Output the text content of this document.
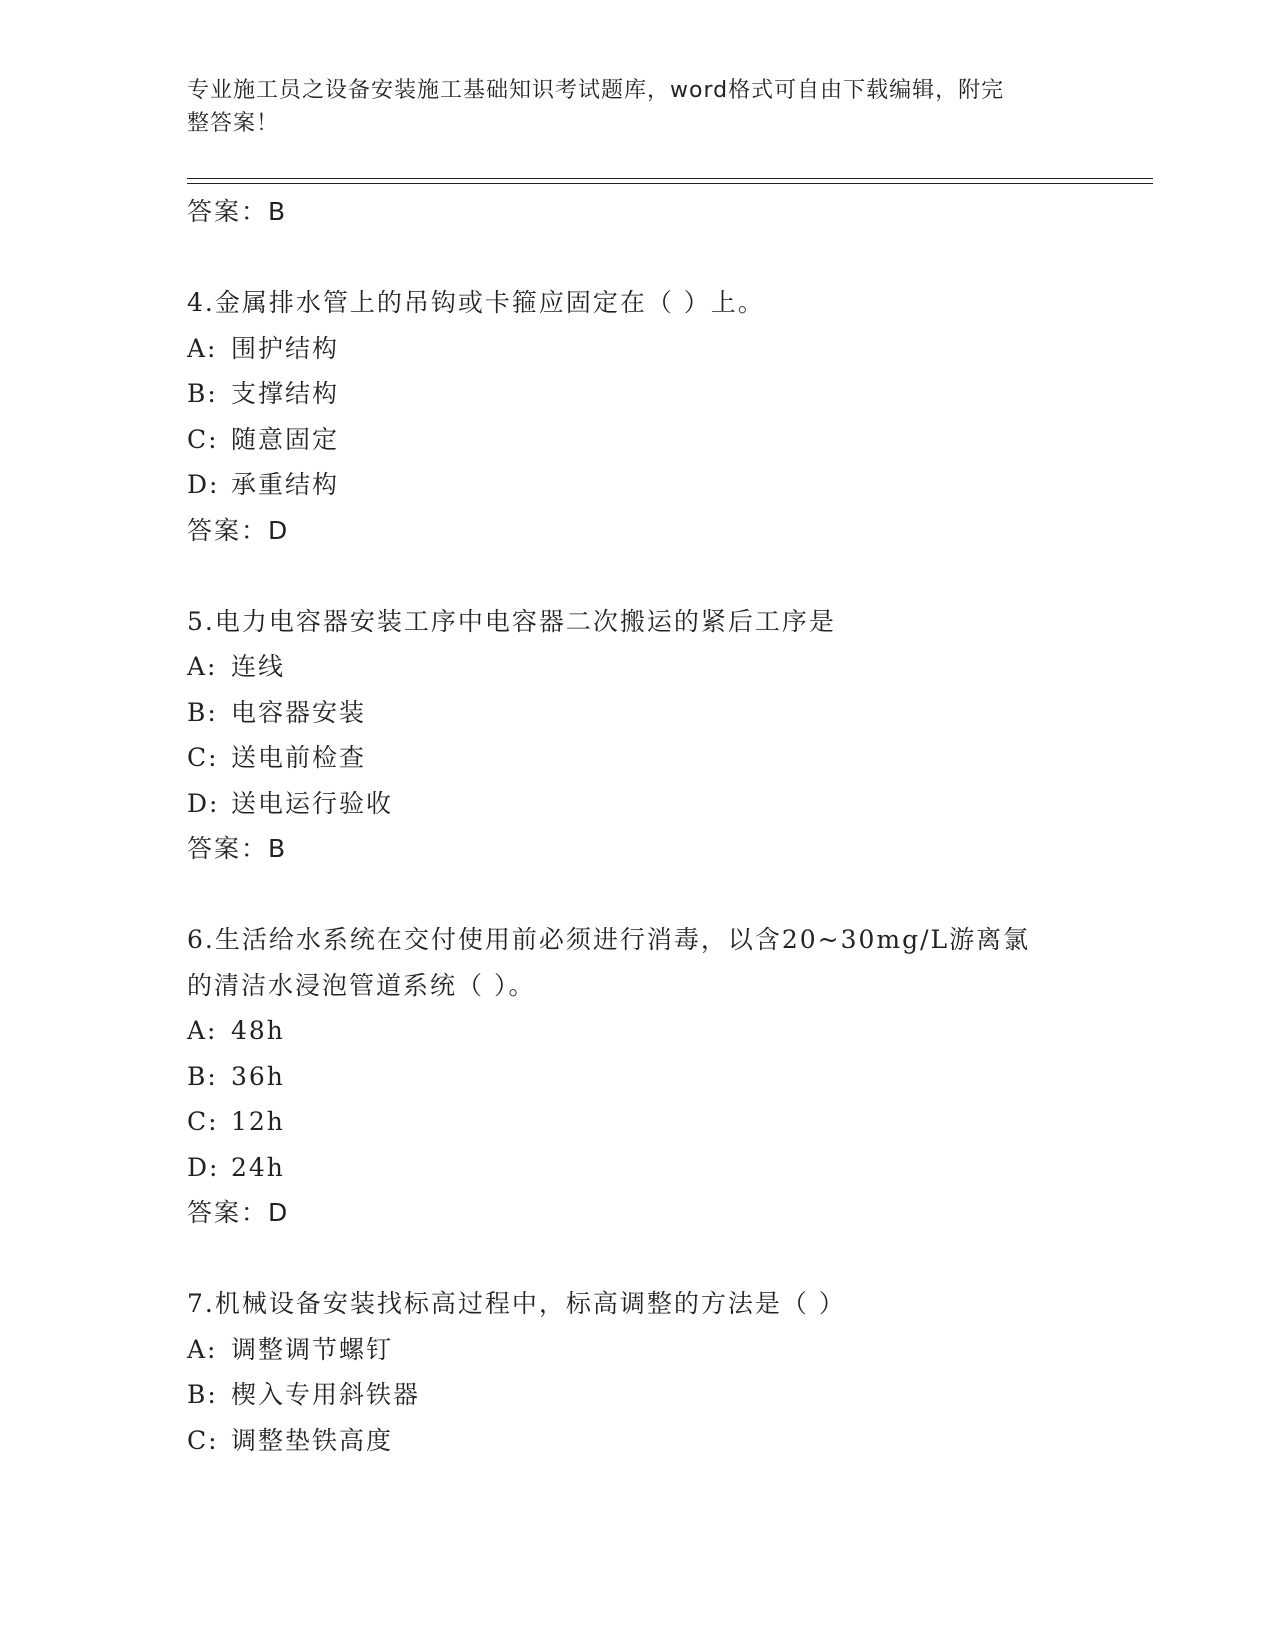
专业施工员之设备安装施工基础知识考试题库，word格式可自由下载编辑，附完
整答案！
答案：B
4.金属排水管上的吊钩或卡箍应固定在（ ）上。
A: 围护结构
B: 支撑结构
C: 随意固定
D: 承重结构
答案：D
5.电力电容器安装工序中电容器二次搬运的紧后工序是
A: 连线
B: 电容器安装
C: 送电前检查
D: 送电运行验收
答案：B
6.生活给水系统在交付使用前必须进行消毒，以含20~30mg/L游离氯
的清洁水浸泡管道系统（ ）。
A: 48h
B: 36h
C: 12h
D: 24h
答案：D
7.机械设备安装找标高过程中，标高调整的方法是（ ）
A: 调整调节螺钉
B: 楔入专用斜铁器
C: 调整垫铁高度
